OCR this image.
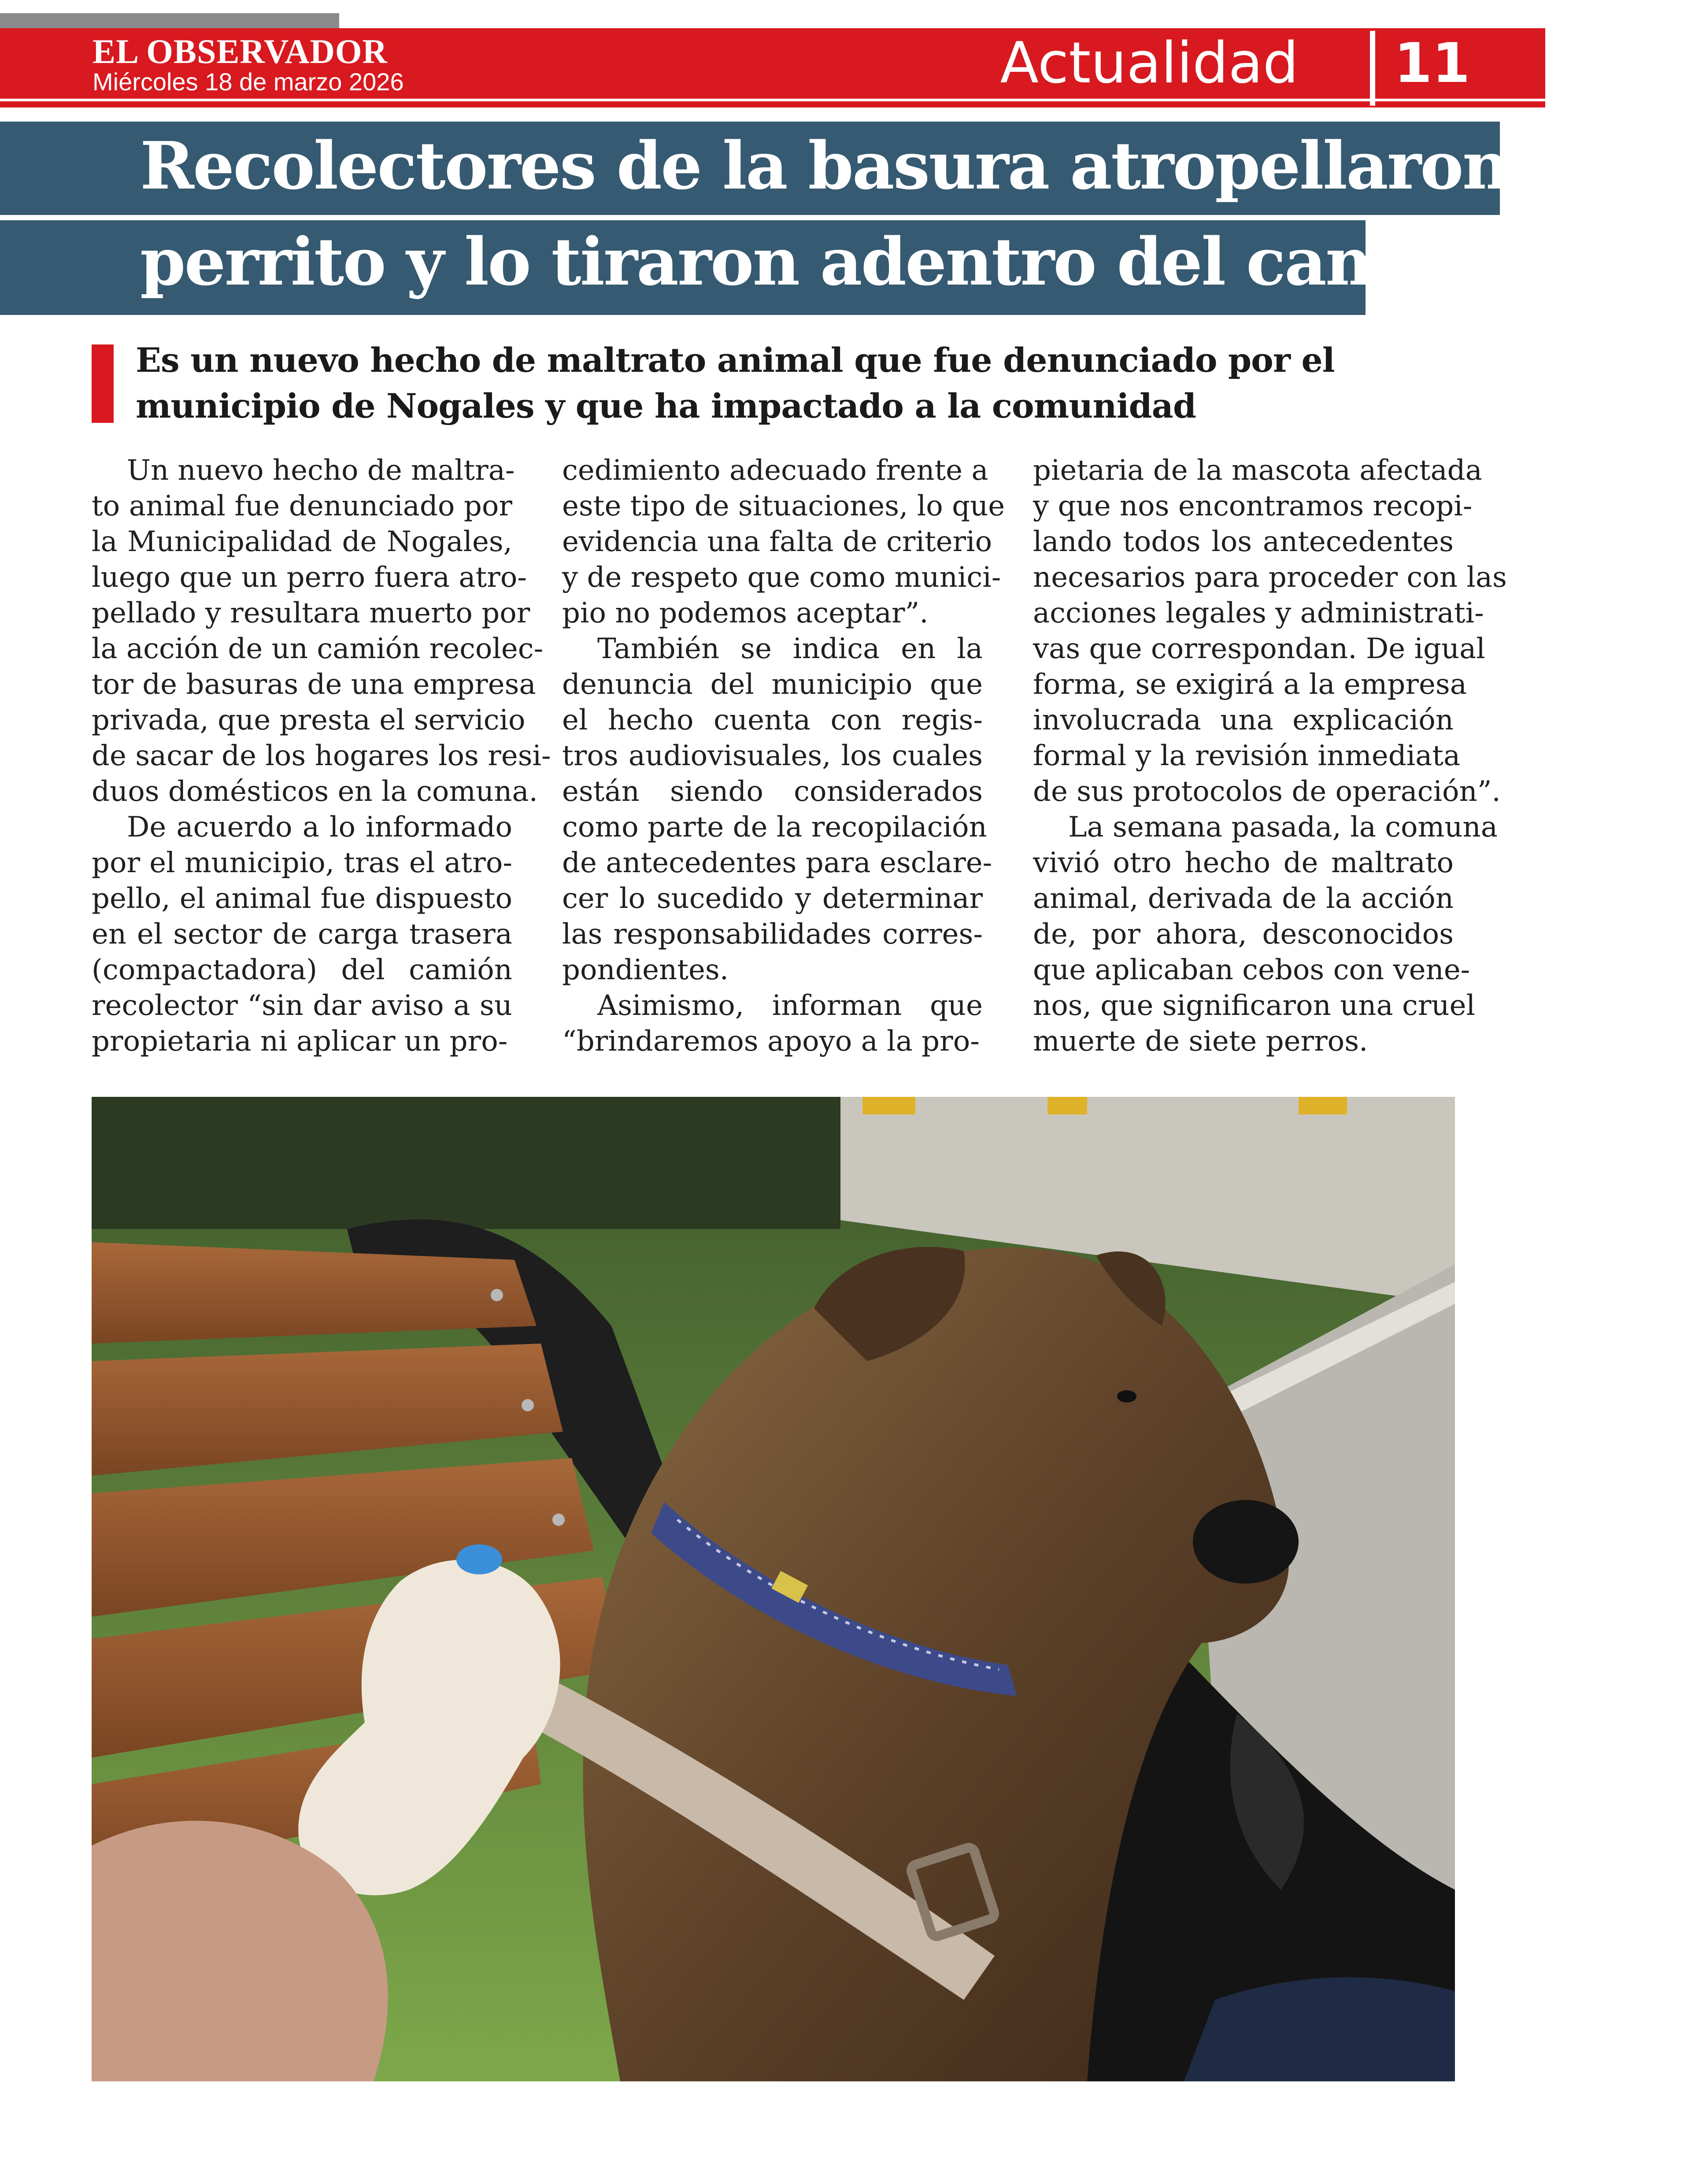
EL OBSERVADOR
Miércoles 18 de marzo 2026	Actualidad 11
Recolectores de la basura atropellaron a un
perrito y lo tiraron adentro del camión
Es un nuevo hecho de maltrato animal que fue denunciado por el
municipio de Nogales y que ha impactado a la comunidad
Un nuevo hecho de maltra-
to animal fue denunciado por
la Municipalidad de Nogales,
luego que un perro fuera atro-
pellado y resultara muerto por
la acción de un camión recolec-
tor de basuras de una empresa
privada, que presta el servicio
de sacar de los hogares los resi-
duos domésticos en la comuna.
De acuerdo a lo informado
por el municipio, tras el atro-
pello, el animal fue dispuesto
en el sector de carga trasera
(compactadora) del camión
recolector “sin dar aviso a su
propietaria ni aplicar un pro-
cedimiento adecuado frente a
este tipo de situaciones, lo que
evidencia una falta de criterio
y de respeto que como munici-
pio no podemos aceptar”.
También se indica en la
denuncia del municipio que
el hecho cuenta con regis-
tros audiovisuales, los cuales
están siendo considerados
como parte de la recopilación
de antecedentes para esclare-
cer lo sucedido y determinar
las responsabilidades corres-
pondientes.
Asimismo, informan que
“brindaremos apoyo a la pro-
pietaria de la mascota afectada
y que nos encontramos recopi-
lando todos los antecedentes
necesarios para proceder con las
acciones legales y administrati-
vas que correspondan. De igual
forma, se exigirá a la empresa
involucrada una explicación
formal y la revisión inmediata
de sus protocolos de operación”.
La semana pasada, la comuna
vivió otro hecho de maltrato
animal, derivada de la acción
de, por ahora, desconocidos
que aplicaban cebos con vene-
nos, que significaron una cruel
muerte de siete perros.
